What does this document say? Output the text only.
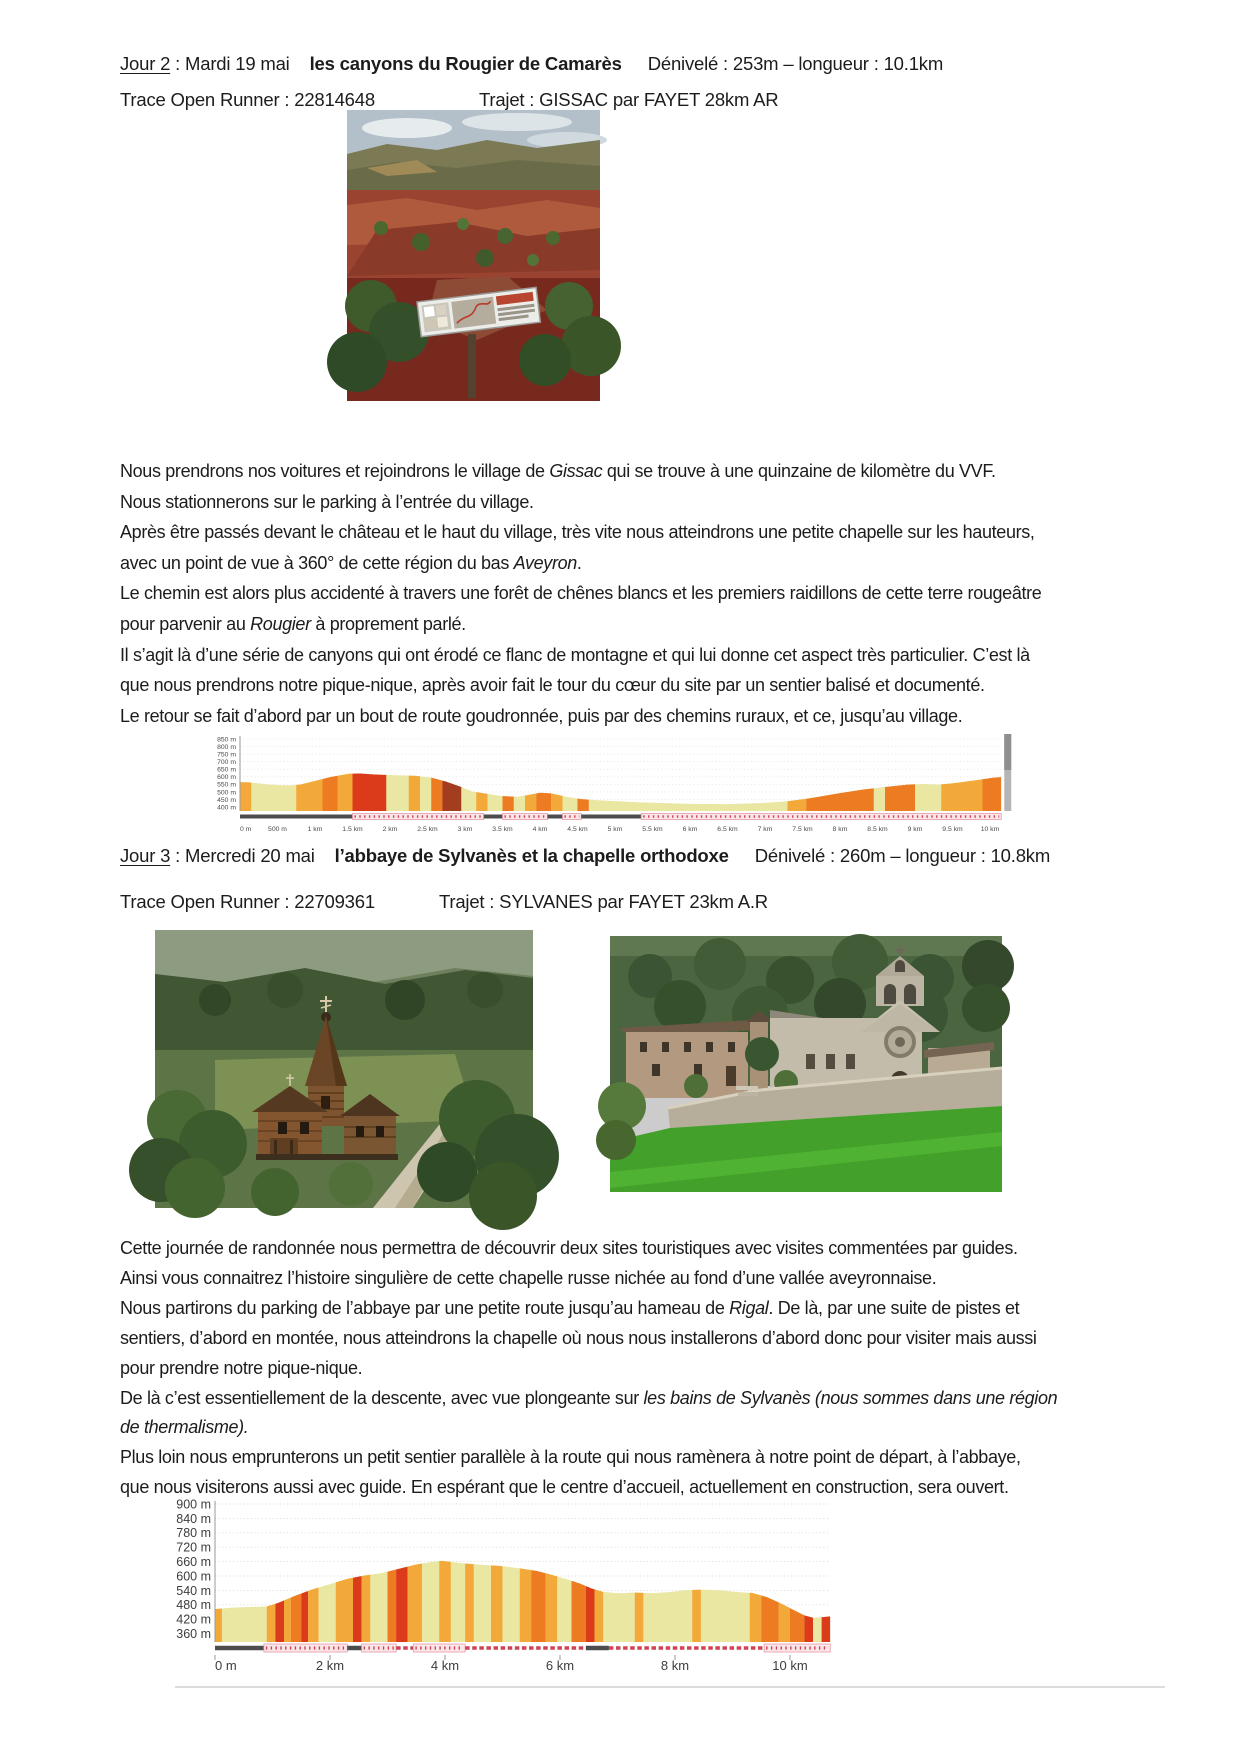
Jour 2 : Mardi 19 mai les canyons du Rougier de Camarès Dénivelé : 253m – longueur : 10.1km
Trace Open Runner : 22814648	Trajet : GISSAC par FAYET 28km AR

Nous prendrons nos voitures et rejoindrons le village de Gissac qui se trouve à une quinzaine de kilomètre du VVF.

Nous stationnerons sur le parking à l’entrée du village.

Après être passés devant le château et le haut du village, très vite nous atteindrons une petite chapelle sur les hauteurs,

avec un point de vue à 360° de cette région du bas Aveyron.

Le chemin est alors plus accidenté à travers une forêt de chênes blancs et les premiers raidillons de cette terre rougeâtre

pour parvenir au Rougier à proprement parlé.

Il s’agit là d’une série de canyons qui ont érodé ce flanc de montagne et qui lui donne cet aspect très particulier. C’est là

que nous prendrons notre pique-nique, après avoir fait le tour du cœur du site par un sentier balisé et documenté.

Le retour se fait d’abord par un bout de route goudronnée, puis par des chemins ruraux, et ce, jusqu’au village.

850 m
800 m
750 m
700 m
650 m
600 m
550 m
500 m
450 m
400 m
0 m 500 m	1 km	1.5 km	2 km	2.5 km	3 km	3.5 km	4 km	4.5 km	5 km	5.5 km	6 km	6.5 km	7 km	7.5 km	8 km	8.5 km	9 km	9.5 km	10 km
Jour 3 : Mercredi 20 mai l’abbaye de Sylvanès et la chapelle orthodoxe Dénivelé : 260m – longueur : 10.8km
Trace Open Runner : 22709361	Trajet : SYLVANES par FAYET 23km A.R

Cette journée de randonnée nous permettra de découvrir deux sites touristiques avec visites commentées par guides.

Ainsi vous connaitrez l’histoire singulière de cette chapelle russe nichée au fond d’une vallée aveyronnaise.

Nous partirons du parking de l’abbaye par une petite route jusqu’au hameau de Rigal. De là, par une suite de pistes et

sentiers, d’abord en montée, nous atteindrons la chapelle où nous nous installerons d’abord donc pour visiter mais aussi

pour prendre notre pique-nique.

De là c’est essentiellement de la descente, avec vue plongeante sur les bains de Sylvanès (nous sommes dans une région

de thermalisme).

Plus loin nous emprunterons un petit sentier parallèle à la route qui nous ramènera à notre point de départ, à l’abbaye,

que nous visiterons aussi avec guide. En espérant que le centre d’accueil, actuellement en construction, sera ouvert.

900 m
840 m
780 m
720 m
660 m
600 m
540 m
480 m
420 m
360 m
0 m	2 km	4 km	6 km	8 km	10 km
